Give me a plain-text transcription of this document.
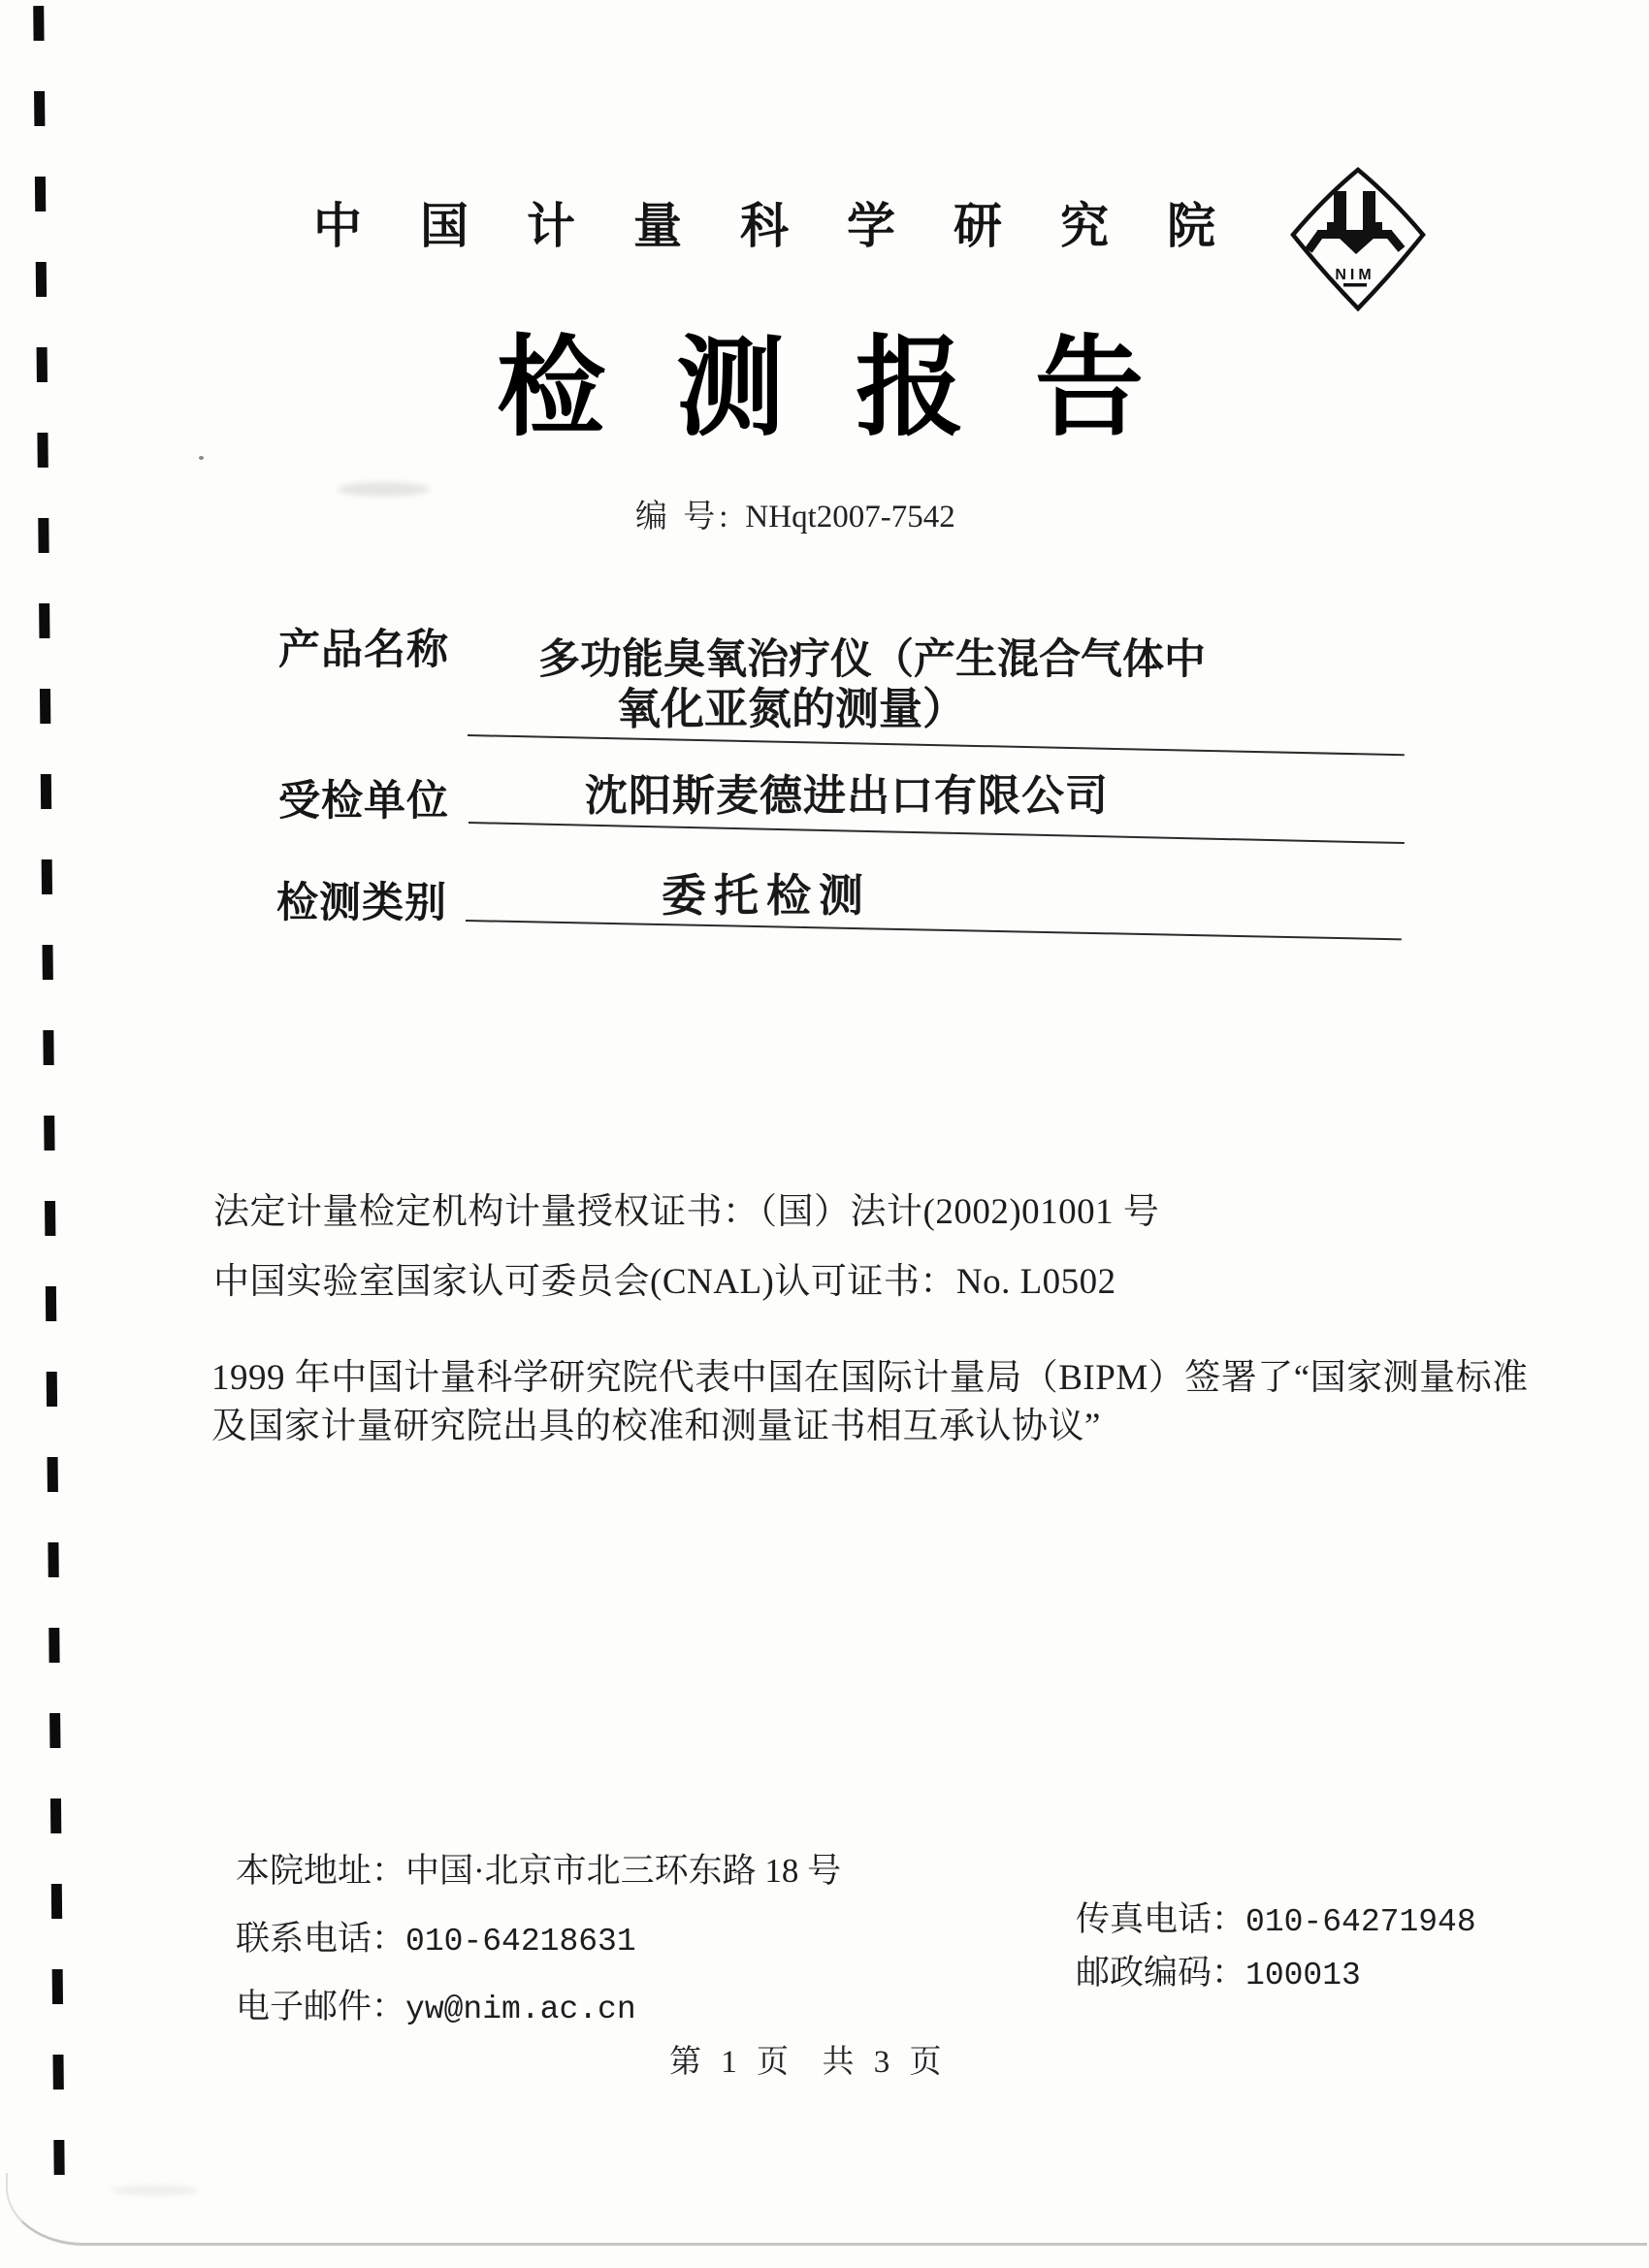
中国计量科学研究院
NIM
检测报告

编 号: NHqt2007-7542

产品名称 多功能臭氧治疗仪（产生混合气体中
氧化亚氮的测量）
受检单位	沈阳斯麦德进出口有限公司
检测类别	委托检测
法定计量检定机构计量授权证书：（国）法计(2002)01001 号
中国实验室国家认可委员会(CNAL)认可证书：No. L0502
1999 年中国计量科学研究院代表中国在国际计量局（BIPM）签署了“国家测量标准
及国家计量研究院出具的校准和测量证书相互承认协议”

本院地址：中国·北京市北三环东路 18 号

联系电话：010-64218631

电子邮件：yw@nim.ac.cn

传真电话：010-64271948

邮政编码：100013

第 1 页  共 3 页
